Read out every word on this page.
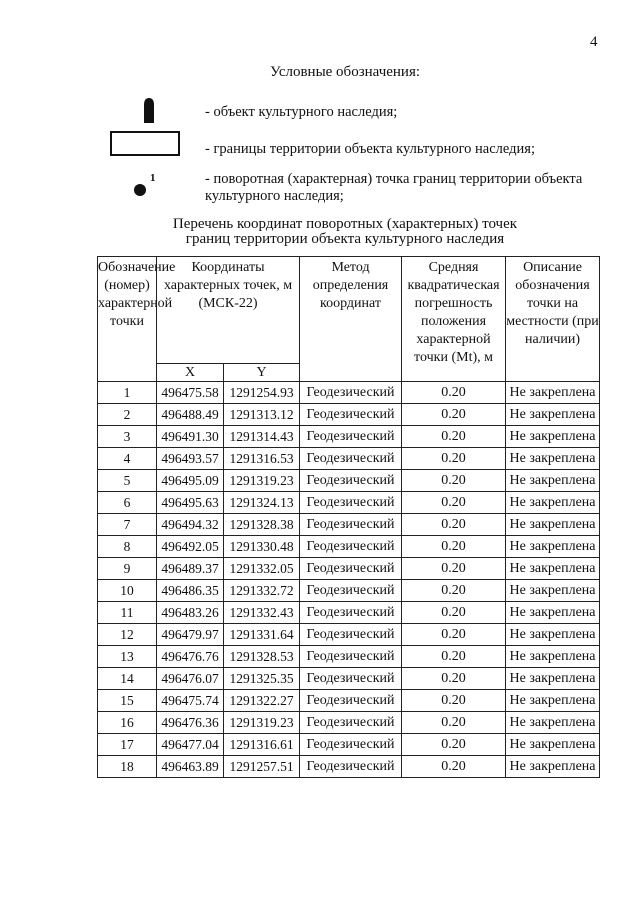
4
Условные обозначения:
- объект культурного наследия;
- границы территории объекта культурного наследия;
1	- поворотная (характерная) точка границ территории объекта культурного наследия;
Перечень координат поворотных (характерных) точек
границ территории объекта культурного наследия
Обозначение (номер) характерной точки	Координаты характерных точек, м (МСК-22)		Метод определения координат	Средняя квадратическая погрешность положения характерной точки (Mt), м	Описание обозначения точки на местности (при наличии)
	X	Y			
1	496475.58	1291254.93	Геодезический	0.20	Не закреплена
2	496488.49	1291313.12	Геодезический	0.20	Не закреплена
3	496491.30	1291314.43	Геодезический	0.20	Не закреплена
4	496493.57	1291316.53	Геодезический	0.20	Не закреплена
5	496495.09	1291319.23	Геодезический	0.20	Не закреплена
6	496495.63	1291324.13	Геодезический	0.20	Не закреплена
7	496494.32	1291328.38	Геодезический	0.20	Не закреплена
8	496492.05	1291330.48	Геодезический	0.20	Не закреплена
9	496489.37	1291332.05	Геодезический	0.20	Не закреплена
10	496486.35	1291332.72	Геодезический	0.20	Не закреплена
11	496483.26	1291332.43	Геодезический	0.20	Не закреплена
12	496479.97	1291331.64	Геодезический	0.20	Не закреплена
13	496476.76	1291328.53	Геодезический	0.20	Не закреплена
14	496476.07	1291325.35	Геодезический	0.20	Не закреплена
15	496475.74	1291322.27	Геодезический	0.20	Не закреплена
16	496476.36	1291319.23	Геодезический	0.20	Не закреплена
17	496477.04	1291316.61	Геодезический	0.20	Не закреплена
18	496463.89	1291257.51	Геодезический	0.20	Не закреплена
